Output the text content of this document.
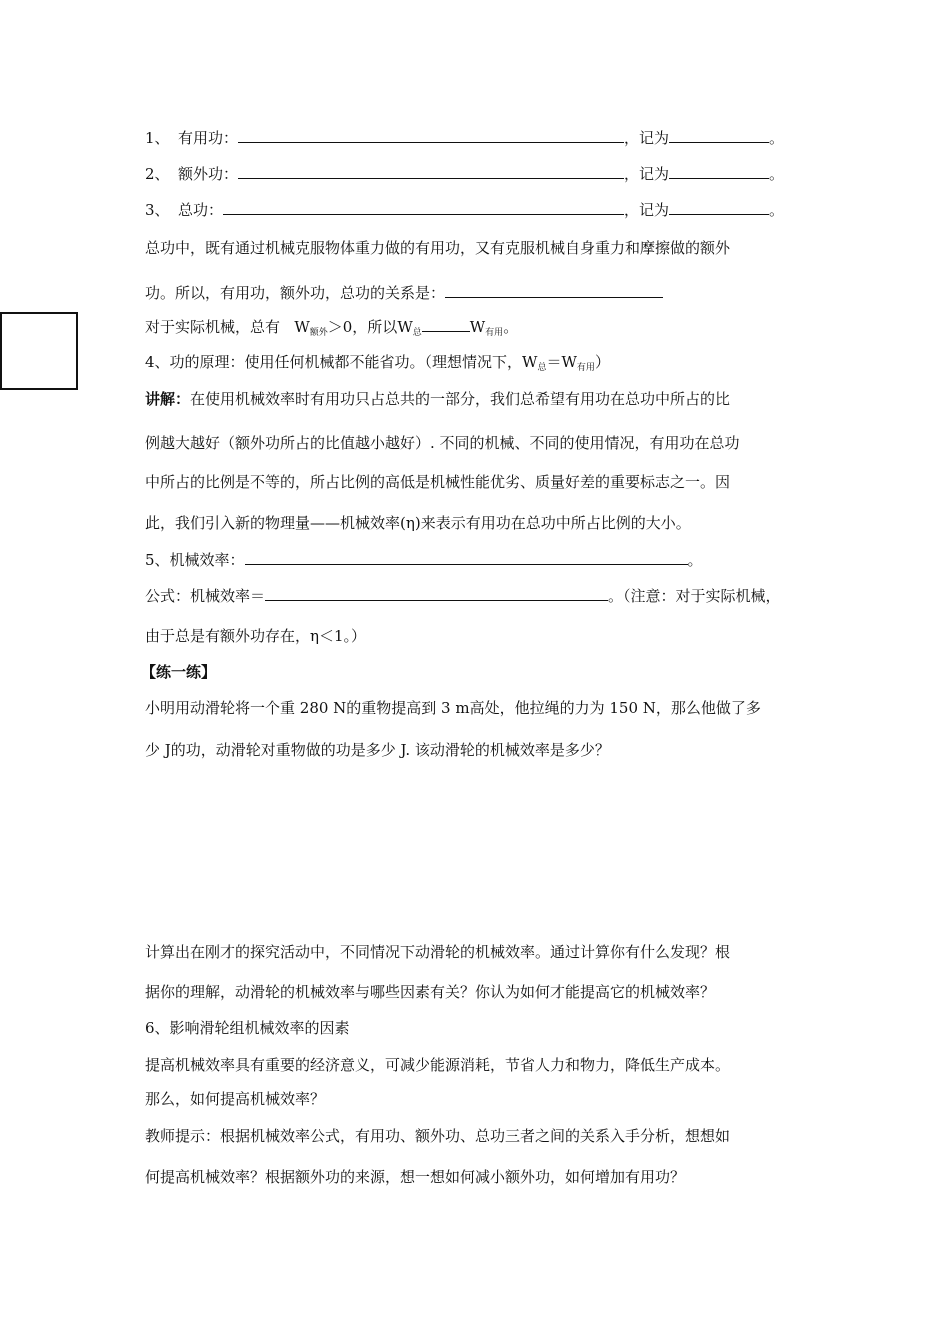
1、 有用功：	，记为	。
2、 额外功：	，记为	。
3、 总功：	，记为	。
总功中，既有通过机械克服物体重力做的有用功，又有克服机械自身重力和摩擦做的额外
功。所以，有用功，额外功，总功的关系是：
对于实际机械，总有 $W_{额外}>0$，所以$W_总$	$W_{有用}$。
4、功的原理：使用任何机械都不能省功。（理想情况下，$W_总=W_{有用}$）
讲解：在使用机械效率时有用功只占总共的一部分，我们总希望有用功在总功中所占的比
例越大越好（额外功所占的比值越小越好）. 不同的机械、不同的使用情况，有用功在总功
中所占的比例是不等的，所占比例的高低是机械性能优劣、质量好差的重要标志之一。因
此，我们引入新的物理量——机械效率(η)来表示有用功在总功中所占比例的大小。
5、机械效率：	。
公式：机械效率＝	。（注意：对于实际机械，
由于总是有额外功存在，η＜1。）
【练一练】
小明用动滑轮将一个重 280 N的重物提高到 3 m高处，他拉绳的力为 150 N，那么他做了多
少 J的功，动滑轮对重物做的功是多少 J. 该动滑轮的机械效率是多少？
计算出在刚才的探究活动中，不同情况下动滑轮的机械效率。通过计算你有什么发现？根
据你的理解，动滑轮的机械效率与哪些因素有关？你认为如何才能提高它的机械效率？
6、影响滑轮组机械效率的因素
提高机械效率具有重要的经济意义，可减少能源消耗，节省人力和物力，降低生产成本。
那么，如何提高机械效率？
教师提示：根据机械效率公式，有用功、额外功、总功三者之间的关系入手分析，想想如
何提高机械效率？根据额外功的来源，想一想如何减小额外功，如何增加有用功？
